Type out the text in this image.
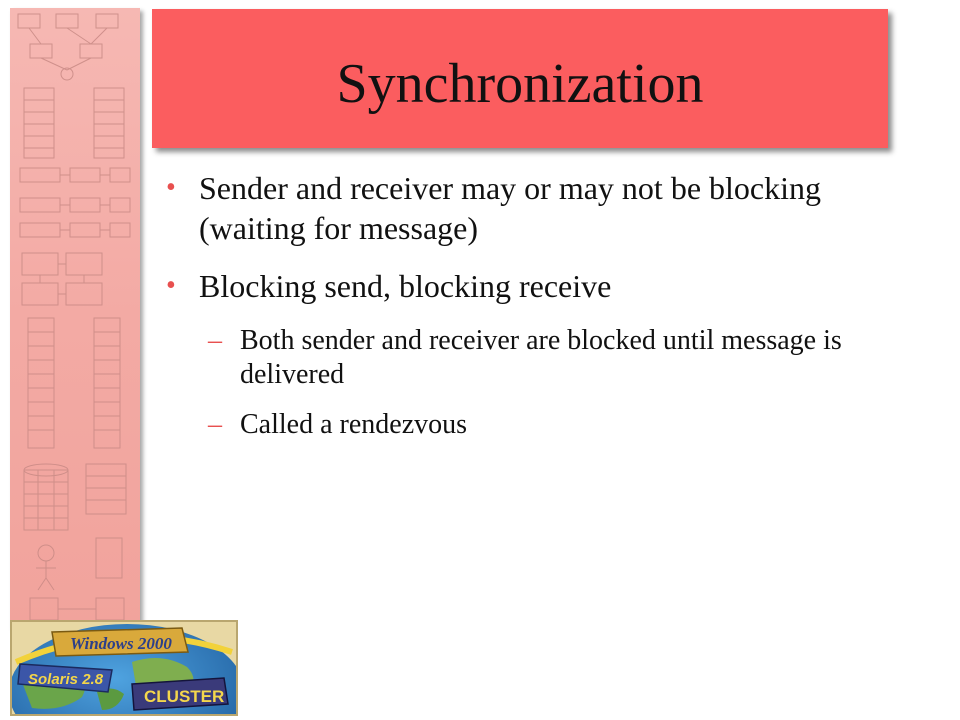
Windows 2000
Solaris 2.8
CLUSTER
Synchronization
• Sender and receiver may or may not be blocking (waiting for message)
• Blocking send, blocking receive
– Both sender and receiver are blocked until message is delivered
– Called a rendezvous
